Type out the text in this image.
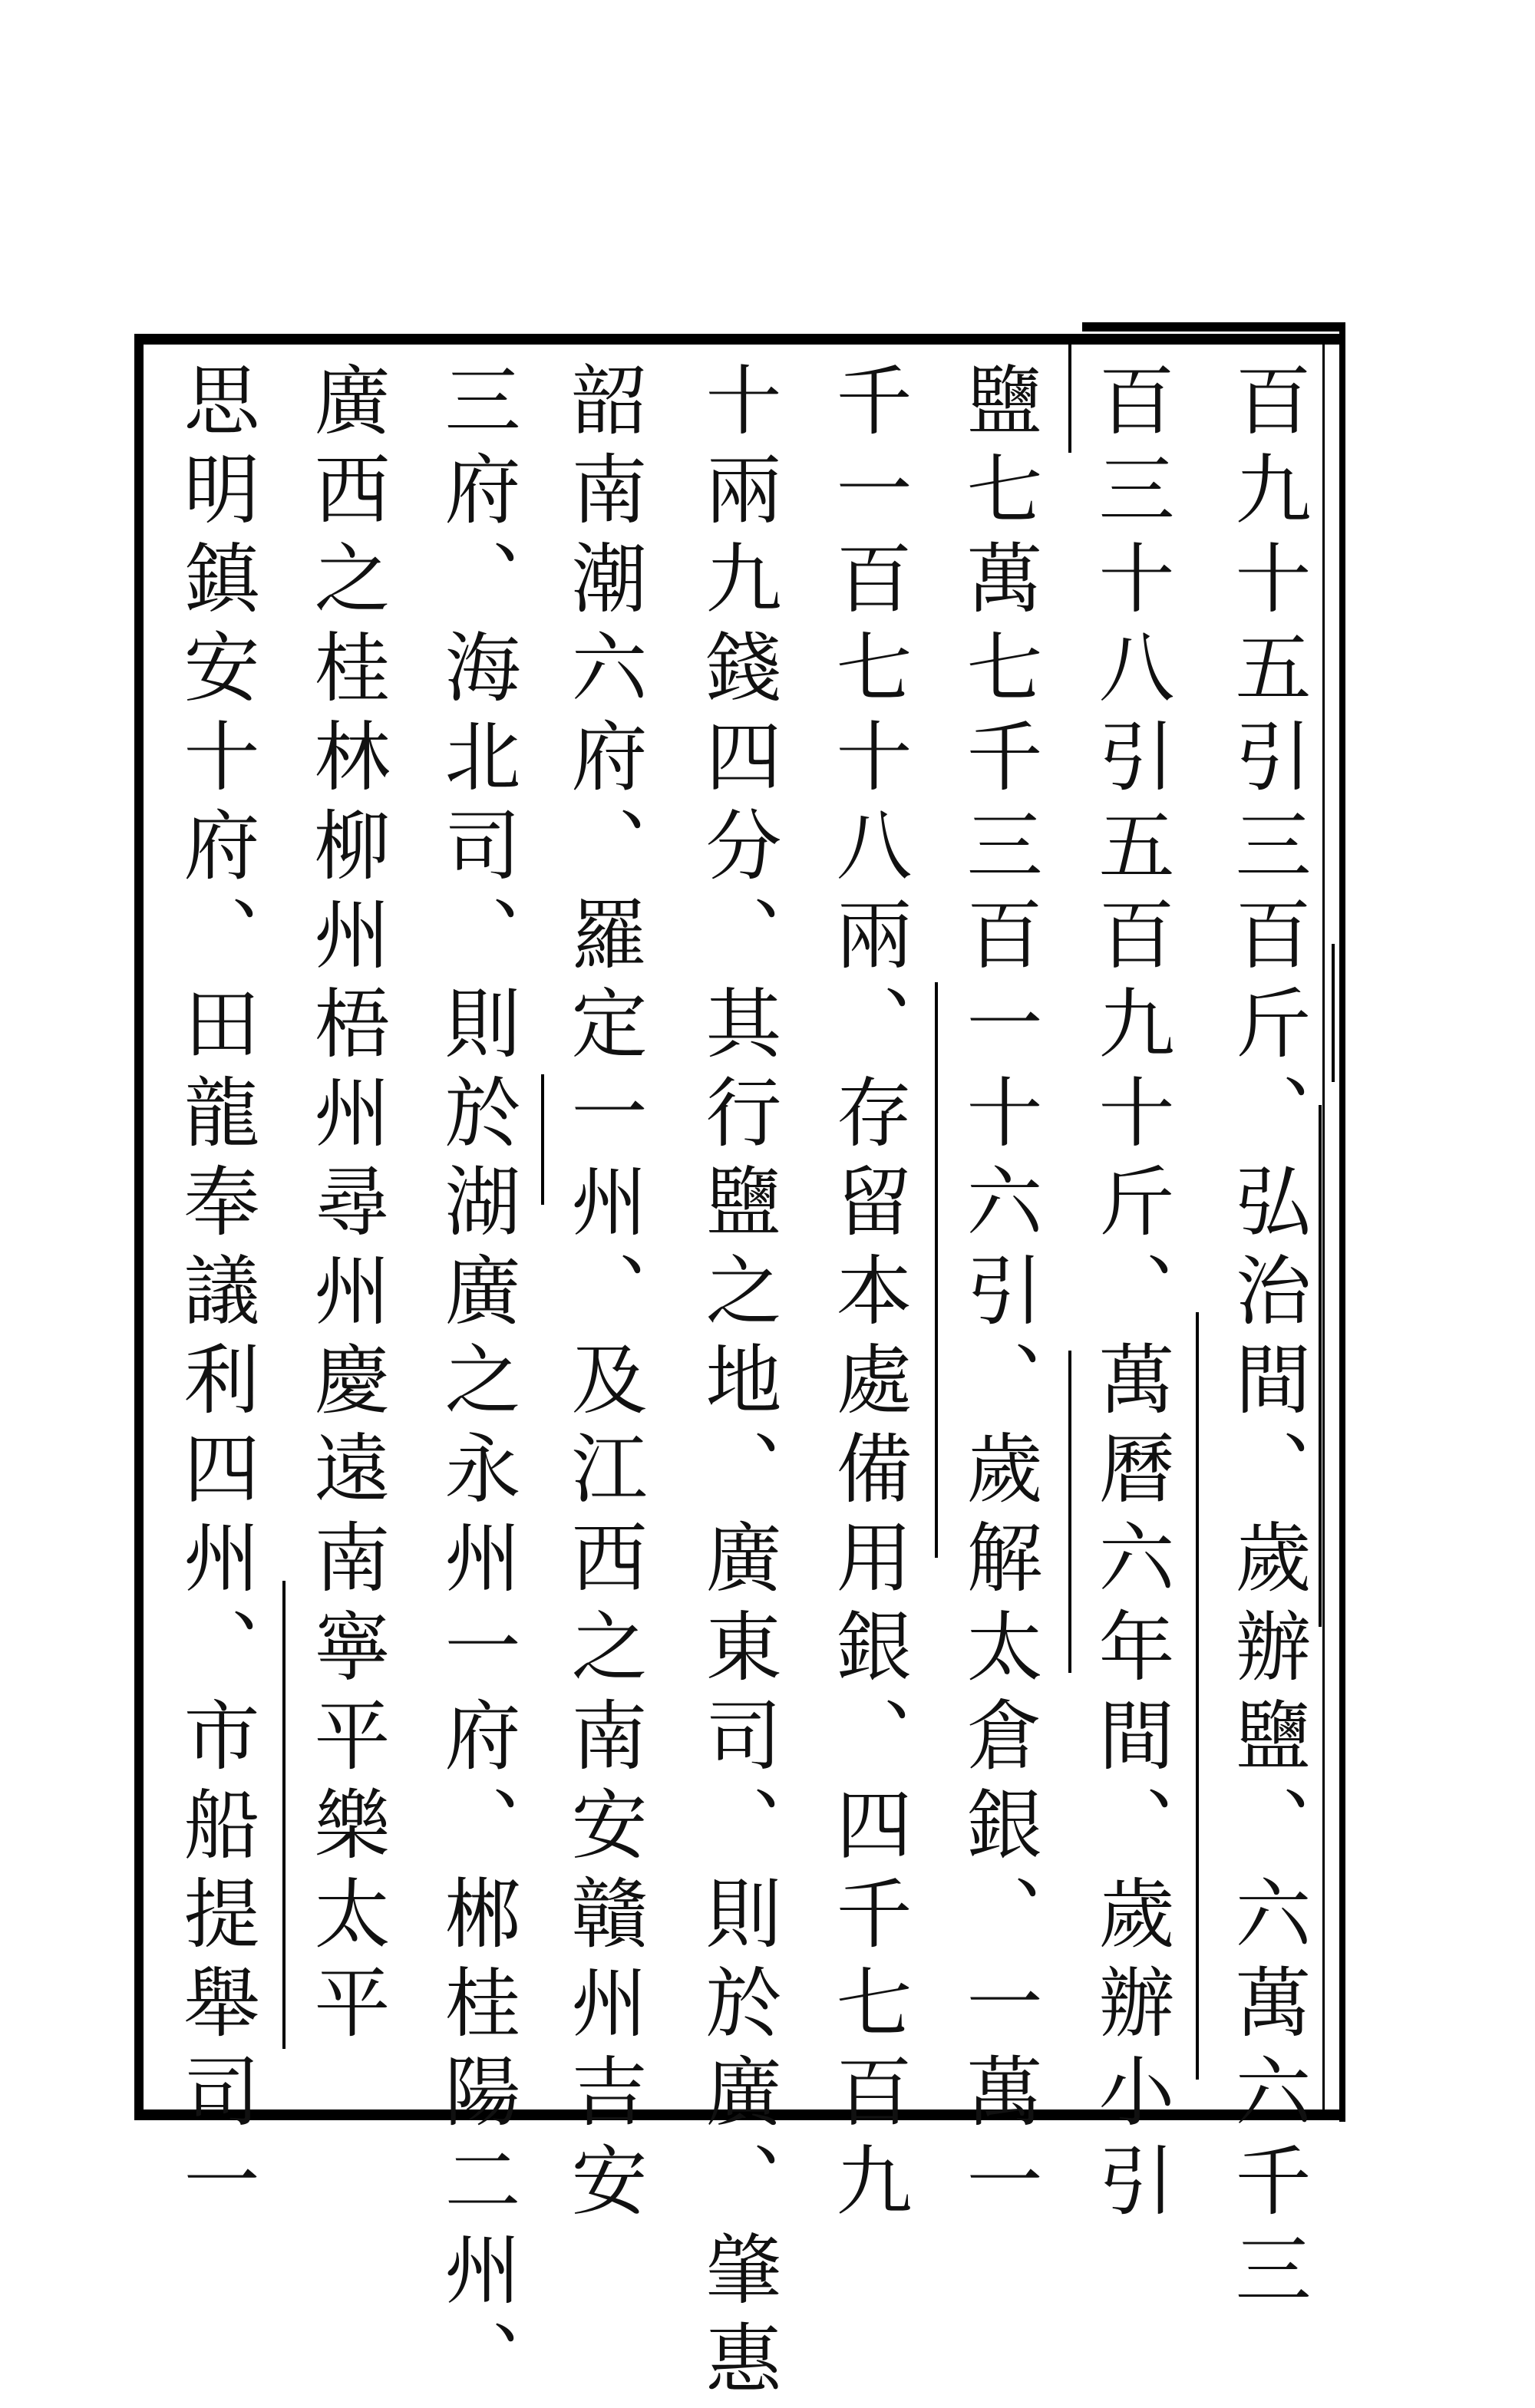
百九十五引三百斤、弘治間、歲辦鹽、六萬六千三
百三十八引五百九十斤、萬曆六年間、歲辦小引
鹽七萬七千三百一十六引、歲解太倉銀、一萬一
千一百七十八兩、存留本處備用銀、四千七百九
十兩九錢四分、其行鹽之地、廣東司、則於廣、肇惠
韶南潮六府、羅定一州、及江西之南安贛州吉安
三府、海北司、則於湖廣之永州一府、郴桂陽二州、
廣西之桂林柳州梧州尋州慶遠南寧平樂太平
思明鎮安十府、田龍奉議利四州、市船提舉司一
